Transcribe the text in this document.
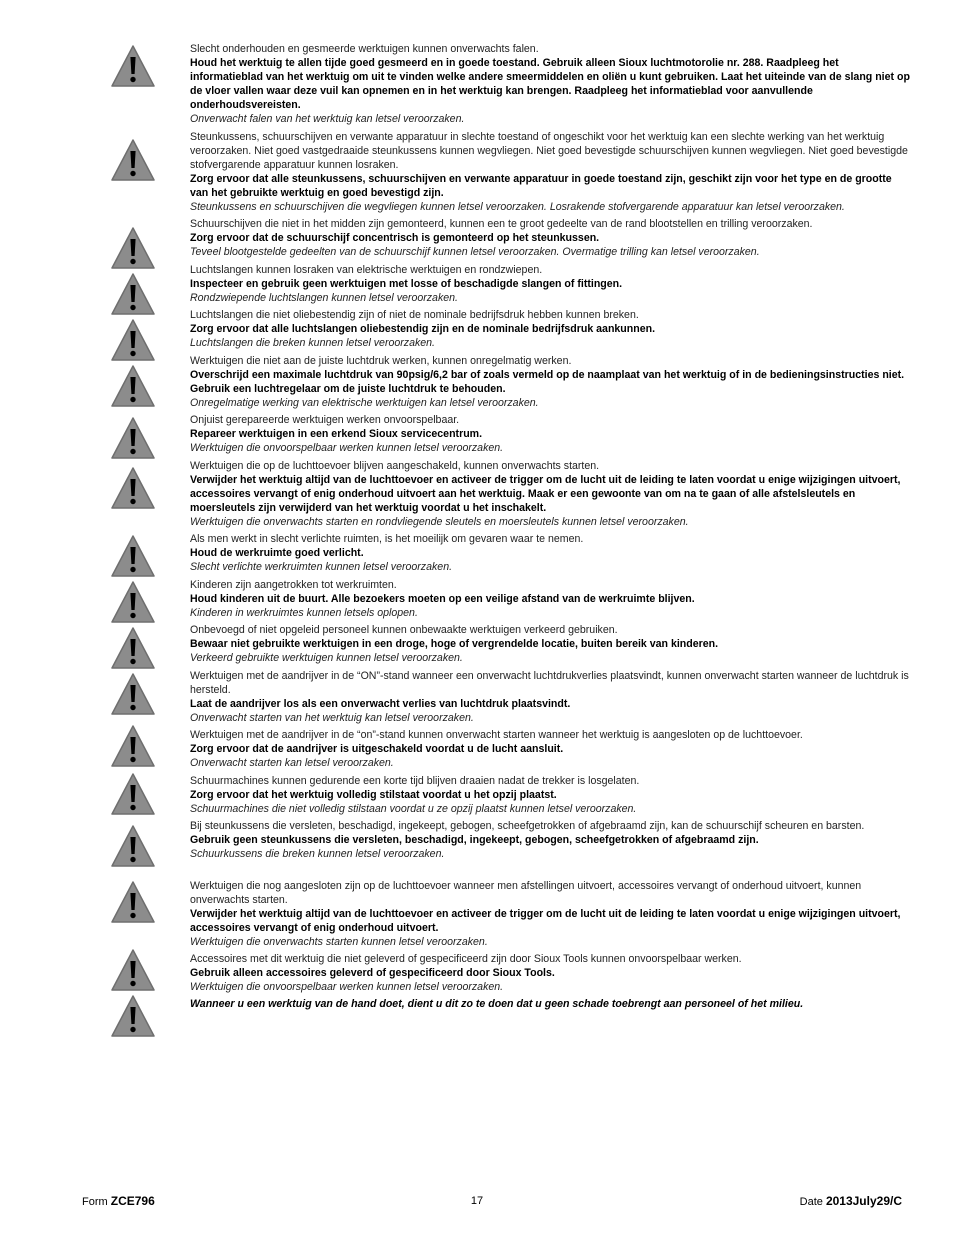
Slecht onderhouden en gesmeerde werktuigen kunnen onverwachts falen.

Houd het werktuig te allen tijde goed gesmeerd en in goede toestand. Gebruik alleen Sioux luchtmotorolie nr. 288. Raadpleeg het informatieblad van het werktuig om uit te vinden welke andere smeermiddelen en oliën u kunt gebruiken. Laat het uiteinde van de slang niet op de vloer vallen waar deze vuil kan opnemen en in het werktuig kan brengen. Raadpleeg het informatieblad voor aanvullende onderhoudsvereisten.

Onverwacht falen van het werktuig kan letsel veroorzaken.

Steunkussens, schuurschijven en verwante apparatuur in slechte toestand of ongeschikt voor het werktuig kan een slechte werking van het werktuig veroorzaken. Niet goed vastgedraaide steunkussens kunnen wegvliegen. Niet goed bevestigde schuurschijven kunnen wegvliegen. Niet goed bevestigde stofvergarende apparatuur kunnen losraken.

Zorg ervoor dat alle steunkussens, schuurschijven en verwante apparatuur in goede toestand zijn, geschikt zijn voor het type en de grootte van het gebruikte werktuig en goed bevestigd zijn.

Steunkussens en schuurschijven die wegvliegen kunnen letsel veroorzaken. Losrakende stofvergarende apparatuur kan letsel veroorzaken.

Schuurschijven die niet in het midden zijn gemonteerd, kunnen een te groot gedeelte van de rand blootstellen en trilling veroorzaken.

Zorg ervoor dat de schuurschijf concentrisch is gemonteerd op het steunkussen.

Teveel blootgestelde gedeelten van de schuurschijf kunnen letsel veroorzaken. Overmatige trilling kan letsel veroorzaken.

Luchtslangen kunnen losraken van elektrische werktuigen en rondzwiepen.

Inspecteer en gebruik geen werktuigen met losse of beschadigde slangen of fittingen.

Rondzwiepende luchtslangen kunnen letsel veroorzaken.

Luchtslangen die niet oliebestendig zijn of niet de nominale bedrijfsdruk hebben kunnen breken.

Zorg ervoor dat alle luchtslangen oliebestendig zijn en de nominale bedrijfsdruk aankunnen.

Luchtslangen die breken kunnen letsel veroorzaken.

Werktuigen die niet aan de juiste luchtdruk werken, kunnen onregelmatig werken.

Overschrijd een maximale luchtdruk van 90psig/6,2 bar of zoals vermeld op de naamplaat van het werktuig of in de bedieningsinstructies niet. Gebruik een luchtregelaar om de juiste luchtdruk te behouden.

Onregelmatige werking van elektrische werktuigen kan letsel veroorzaken.

Onjuist gerepareerde werktuigen werken onvoorspelbaar.

Repareer werktuigen in een erkend Sioux servicecentrum.

Werktuigen die onvoorspelbaar werken kunnen letsel veroorzaken.

Werktuigen die op de luchttoevoer blijven aangeschakeld, kunnen onverwachts starten.

Verwijder het werktuig altijd van de luchttoevoer en activeer de trigger om de lucht uit de leiding te laten voordat u enige wijzigingen uitvoert, accessoires vervangt of enig onderhoud uitvoert aan het werktuig. Maak er een gewoonte van om na te gaan of alle afstelsleutels en moersleutels zijn verwijderd van het werktuig voordat u het inschakelt.

Werktuigen die onverwachts starten en rondvliegende sleutels en moersleutels kunnen letsel veroorzaken.

Als men werkt in slecht verlichte ruimten, is het moeilijk om gevaren waar te nemen.

Houd de werkruimte goed verlicht.

Slecht verlichte werkruimten kunnen letsel veroorzaken.

Kinderen zijn aangetrokken tot werkruimten.

Houd kinderen uit de buurt. Alle bezoekers moeten op een veilige afstand van de werkruimte blijven.

Kinderen in werkruimtes kunnen letsels oplopen.

Onbevoegd of niet opgeleid personeel kunnen onbewaakte werktuigen verkeerd gebruiken.

Bewaar niet gebruikte werktuigen in een droge, hoge of vergrendelde locatie, buiten bereik van kinderen.

Verkeerd gebruikte werktuigen kunnen letsel veroorzaken.

Werktuigen met de aandrijver in de “ON”-stand wanneer een onverwacht luchtdrukverlies plaatsvindt, kunnen onverwacht starten wanneer de luchtdruk is hersteld.

Laat de aandrijver los als een onverwacht verlies van luchtdruk plaatsvindt.

Onverwacht starten van het werktuig kan letsel veroorzaken.

Werktuigen met de aandrijver in de “on”-stand kunnen onverwacht starten wanneer het werktuig is aangesloten op de luchttoevoer.

Zorg ervoor dat de aandrijver is uitgeschakeld voordat u de lucht aansluit.

Onverwacht starten kan letsel veroorzaken.

Schuurmachines kunnen gedurende een korte tijd blijven draaien nadat de trekker is losgelaten.

Zorg ervoor dat het werktuig volledig stilstaat voordat u het opzij plaatst.

Schuurmachines die niet volledig stilstaan voordat u ze opzij plaatst kunnen letsel veroorzaken.

Bij steunkussens die versleten, beschadigd, ingekeept, gebogen, scheefgetrokken of afgebraamd zijn, kan de schuurschijf scheuren en barsten.

Gebruik geen steunkussens die versleten, beschadigd, ingekeept, gebogen, scheefgetrokken of afgebraamd zijn.

Schuurkussens die breken kunnen letsel veroorzaken.

Werktuigen die nog aangesloten zijn op de luchttoevoer wanneer men afstellingen uitvoert, accessoires vervangt of onderhoud uitvoert, kunnen onverwachts starten.

Verwijder het werktuig altijd van de luchttoevoer en activeer de trigger om de lucht uit de leiding te laten voordat u enige wijzigingen uitvoert, accessoires vervangt of enig onderhoud uitvoert.

Werktuigen die onverwachts starten kunnen letsel veroorzaken.

Accessoires met dit werktuig die niet geleverd of gespecificeerd zijn door Sioux Tools kunnen onvoorspelbaar werken.

Gebruik alleen accessoires geleverd of gespecificeerd door Sioux Tools.

Werktuigen die onvoorspelbaar werken kunnen letsel veroorzaken.

Wanneer u een werktuig van de hand doet, dient u dit zo te doen dat u geen schade toebrengt aan personeel of het milieu.

Form ZCE796	17	Date 2013July29/C
